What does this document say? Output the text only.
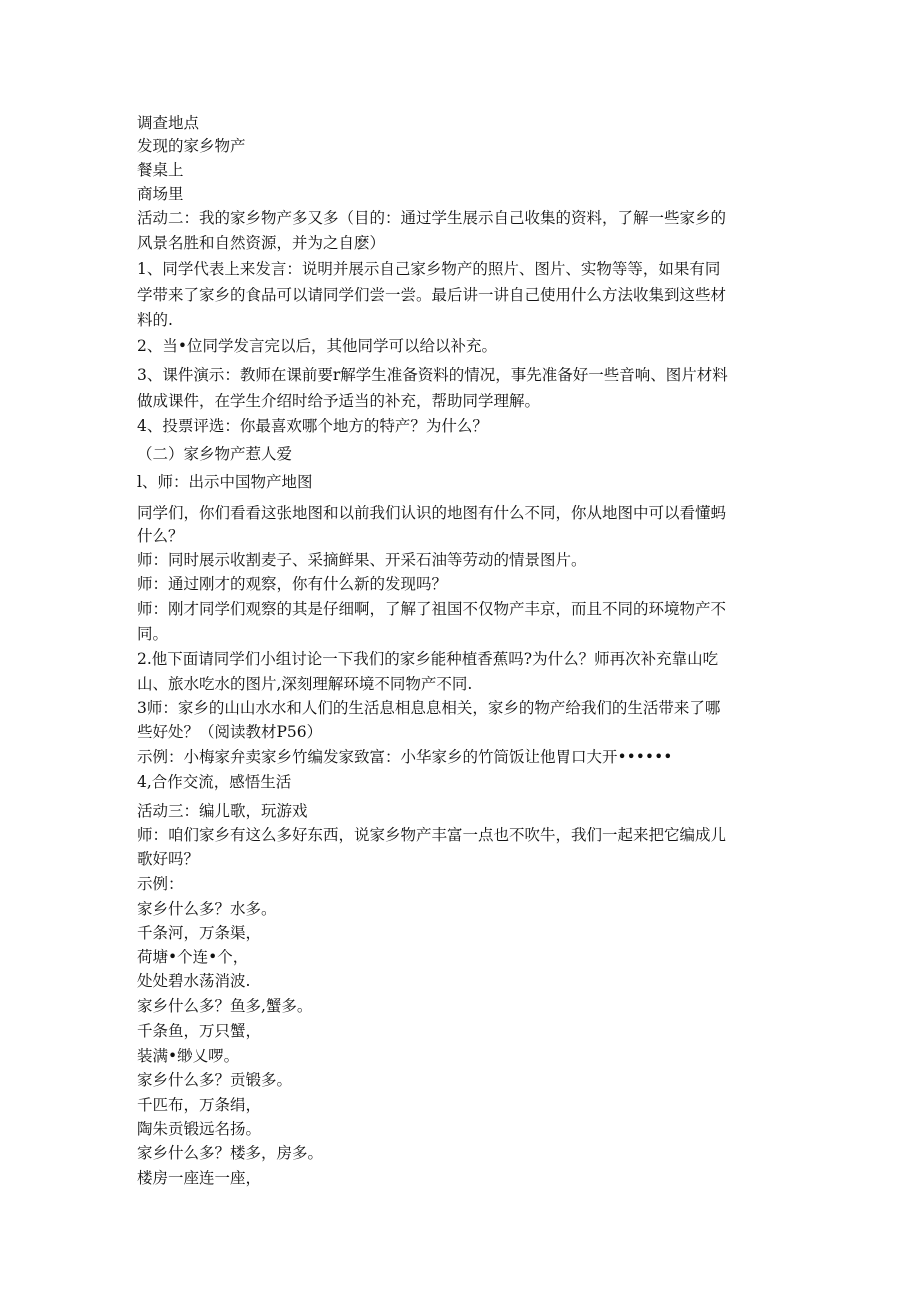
调查地点
发现的家乡物产
餐桌上
商场里
活动二：我的家乡物产多又多（目的：通过学生展示自己收集的资料，了解一些家乡的
风景名胜和自然资源，并为之自麽）
1、同学代表上来发言：说明并展示自己家乡物产的照片、图片、实物等等，如果有同
学带来了家乡的食品可以请同学们尝一尝。最后讲一讲自己使用什么方法收集到这些材
料的.
2、当•位同学发言完以后，其他同学可以给以补充。
3、课件演示：教师在课前要r解学生准备资料的情况，事先准备好一些音响、图片材料
做成课件，在学生介绍时给予适当的补充，帮助同学理解。
4、投票评选：你最喜欢哪个地方的特产？为什么？
（二）家乡物产惹人爱
l、师：出示中国物产地图
同学们，你们看看这张地图和以前我们认识的地图有什么不同，你从地图中可以看懂蚂
什么？
师：同时展示收割麦子、采摘鲜果、开采石油等劳动的情景图片。
师：通过刚才的观察，你有什么新的发现吗？
师：刚才同学们观察的其是仔细啊，了解了祖国不仅物产丰京，而且不同的环境物产不
同。
2.他下面请同学们小组讨论一下我们的家乡能种植香蕉吗?为什么？师再次补充靠山吃
山、旅水吃水的图片,深刻理解环境不同物产不同.
3师：家乡的山山水水和人们的生活息相息息相关，家乡的物产给我们的生活带来了哪
些好处？（阅读教材P56）
示例：小梅家弁卖家乡竹编发家致富：小华家乡的竹筒饭让他胃口大开••••••
4,合作交流，感悟生活
活动三：编儿歌，玩游戏
师：咱们家乡有这么多好东西，说家乡物产丰富一点也不吹牛，我们一起来把它编成儿
歌好吗？
示例：
家乡什么多？水多。
千条河，万条渠，
荷塘•个连•个，
处处碧水荡消波.
家乡什么多？鱼多,蟹多。
千条鱼，万只蟹，
装满•缈乂啰。
家乡什么多？贡锻多。
千匹布，万条绢，
陶朱贡锻远名扬。
家乡什么多？楼多，房多。
楼房一座连一座，
